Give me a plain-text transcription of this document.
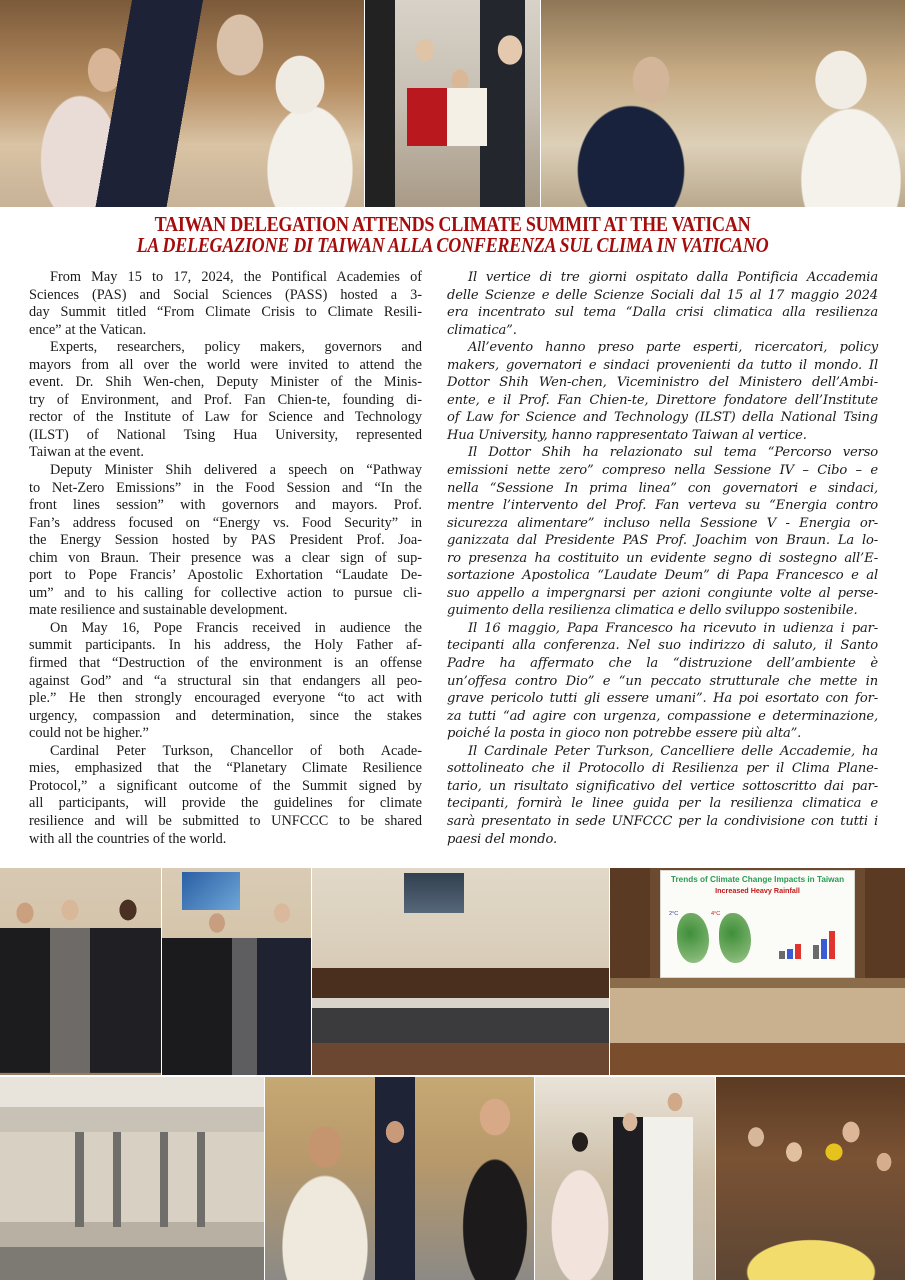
TAIWAN DELEGATION ATTENDS CLIMATE SUMMIT AT THE VATICAN
LA DELEGAZIONE DI TAIWAN ALLA CONFERENZA SUL CLIMA IN VATICANO
From May 15 to 17, 2024, the Pontifical Academies of
Sciences (PAS) and Social Sciences (PASS) hosted a 3-
day Summit titled “From Climate Crisis to Climate Resili-
ence” at the Vatican.
Experts, researchers, policy makers, governors and
mayors from all over the world were invited to attend the
event. Dr. Shih Wen-chen, Deputy Minister of the Minis-
try of Environment, and Prof. Fan Chien-te, founding di-
rector of the Institute of Law for Science and Technology
(ILST) of National Tsing Hua University, represented
Taiwan at the event.
Deputy Minister Shih delivered a speech on “Pathway
to Net-Zero Emissions” in the Food Session and “In the
front lines session” with governors and mayors. Prof.
Fan’s address focused on “Energy vs. Food Security” in
the Energy Session hosted by PAS President Prof. Joa-
chim von Braun. Their presence was a clear sign of sup-
port to Pope Francis’ Apostolic Exhortation “Laudate De-
um” and to his calling for collective action to pursue cli-
mate resilience and sustainable development.
On May 16, Pope Francis received in audience the
summit participants. In his address, the Holy Father af-
firmed that “Destruction of the environment is an offense
against God” and “a structural sin that endangers all peo-
ple.” He then strongly encouraged everyone “to act with
urgency, compassion and determination, since the stakes
could not be higher.”
Cardinal Peter Turkson, Chancellor of both Acade-
mies, emphasized that the “Planetary Climate Resilience
Protocol,” a significant outcome of the Summit signed by
all participants, will provide the guidelines for climate
resilience and will be submitted to UNFCCC to be shared
with all the countries of the world.
Il vertice di tre giorni ospitato dalla Pontificia Accademia
delle Scienze e delle Scienze Sociali dal 15 al 17 maggio 2024
era incentrato sul tema “Dalla crisi climatica alla resilienza
climatica”.
All’evento hanno preso parte esperti, ricercatori, policy
makers, governatori e sindaci provenienti da tutto il mondo. Il
Dottor Shih Wen-chen, Viceministro del Ministero dell’Ambi-
ente, e il Prof. Fan Chien-te, Direttore fondatore dell’Institute
of Law for Science and Technology (ILST) della National Tsing
Hua University, hanno rappresentato Taiwan al vertice.
Il Dottor Shih ha relazionato sul tema “Percorso verso
emissioni nette zero” compreso nella Sessione IV – Cibo – e
nella “Sessione In prima linea” con governatori e sindaci,
mentre l’intervento del Prof. Fan verteva su “Energia contro
sicurezza alimentare” incluso nella Sessione V - Energia or-
ganizzata dal Presidente PAS Prof. Joachim von Braun. La lo-
ro presenza ha costituito un evidente segno di sostegno all’E-
sortazione Apostolica “Laudate Deum” di Papa Francesco e al
suo appello a impergnarsi per azioni congiunte volte al perse-
guimento della resilienza climatica e dello sviluppo sostenibile.
Il 16 maggio, Papa Francesco ha ricevuto in udienza i par-
tecipanti alla conferenza. Nel suo indirizzo di saluto, il Santo
Padre ha affermato che la “distruzione dell’ambiente è
un’offesa contro Dio” e “un peccato strutturale che mette in
grave pericolo tutti gli essere umani”. Ha poi esortato con for-
za tutti “ad agire con urgenza, compassione e determinazione,
poiché la posta in gioco non potrebbe essere più alta”.
Il Cardinale Peter Turkson, Cancelliere delle Accademie, ha
sottolineato che il Protocollo di Resilienza per il Clima Plane-
tario, un risultato significativo del vertice sottoscritto dai par-
tecipanti, fornirà le linee guida per la resilienza climatica e
sarà presentato in sede UNFCCC per la condivisione con tutti i
paesi del mondo.
Trends of Climate Change Impacts in Taiwan
Increased Heavy Rainfall
2°C	4°C
